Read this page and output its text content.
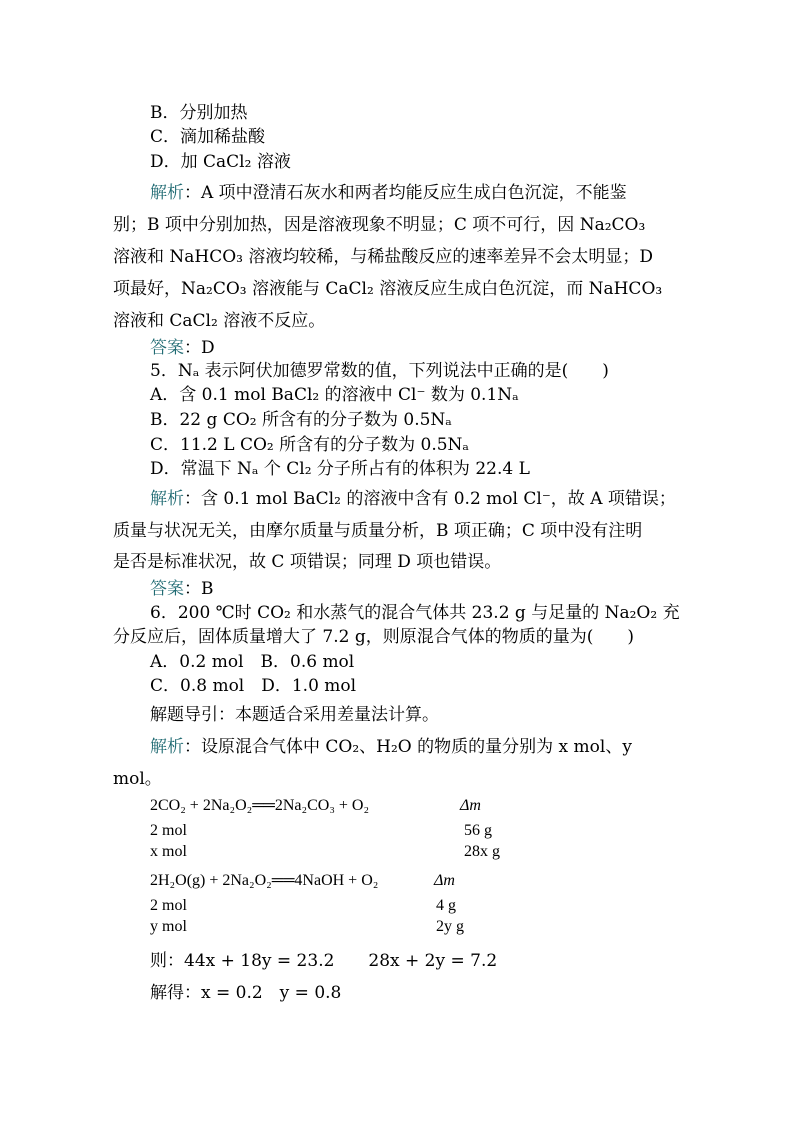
B．分别加热
C．滴加稀盐酸
D．加 CaCl₂ 溶液
解析：A 项中澄清石灰水和两者均能反应生成白色沉淀，不能鉴
别；B 项中分别加热，因是溶液现象不明显；C 项不可行，因 Na₂CO₃
溶液和 NaHCO₃ 溶液均较稀，与稀盐酸反应的速率差异不会太明显；D
项最好，Na₂CO₃ 溶液能与 CaCl₂ 溶液反应生成白色沉淀，而 NaHCO₃
溶液和 CaCl₂ 溶液不反应。
答案：D
5．Nₐ 表示阿伏加德罗常数的值，下列说法中正确的是(　　)
A．含 0.1 mol BaCl₂ 的溶液中 Cl⁻ 数为 0.1Nₐ
B．22 g CO₂ 所含有的分子数为 0.5Nₐ
C．11.2 L CO₂ 所含有的分子数为 0.5Nₐ
D．常温下 Nₐ 个 Cl₂ 分子所占有的体积为 22.4 L
解析：含 0.1 mol BaCl₂ 的溶液中含有 0.2 mol Cl⁻，故 A 项错误；
质量与状况无关，由摩尔质量与质量分析，B 项正确；C 项中没有注明
是否是标准状况，故 C 项错误；同理 D 项也错误。
答案：B
6．200 ℃时 CO₂ 和水蒸气的混合气体共 23.2 g 与足量的 Na₂O₂ 充
分反应后，固体质量增大了 7.2 g，则原混合气体的物质的量为(　　)
A．0.2 mol　B．0.6 mol
C．0.8 mol　D．1.0 mol
解题导引：本题适合采用差量法计算。
解析：设原混合气体中 CO₂、H₂O 的物质的量分别为 x mol、y
mol。
2CO₂ + 2Na₂O₂══2Na₂CO₃ + O₂	Δm
2 mol	56 g
x mol	28x g
2H₂O(g) + 2Na₂O₂══4NaOH + O₂	Δm
2 mol	4 g
y mol	2y g
则：44x + 18y = 23.2　　28x + 2y = 7.2
解得：x = 0.2　y = 0.8
